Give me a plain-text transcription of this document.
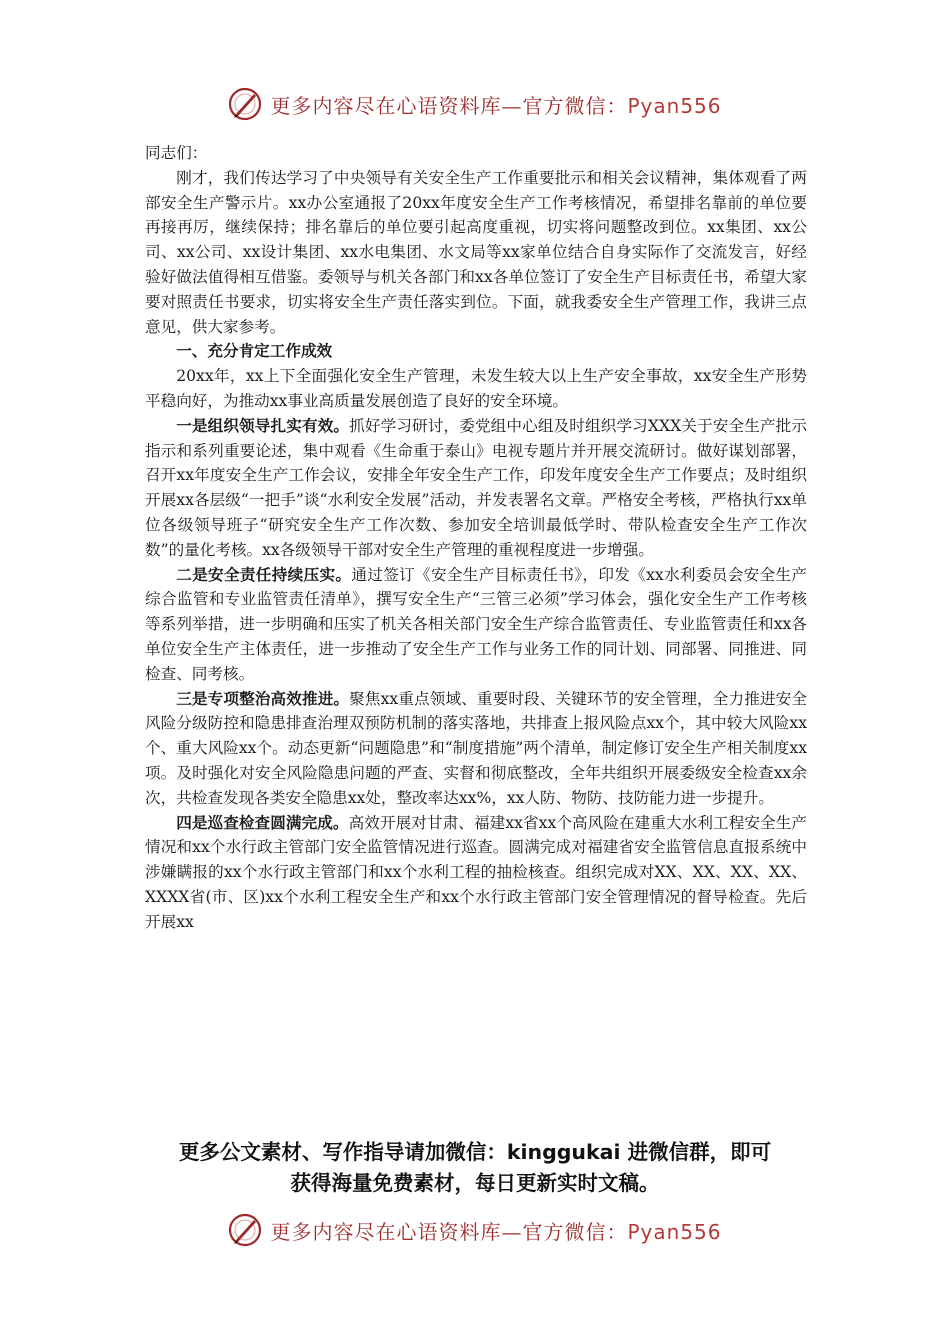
更多内容尽在心语资料库—官方微信：Pyan556

同志们：

刚才，我们传达学习了中央领导有关安全生产工作重要批示和相关会议精神，集体观看了两部安全生产警示片。xx办公室通报了20xx年度安全生产工作考核情况，希望排名靠前的单位要再接再厉，继续保持；排名靠后的单位要引起高度重视，切实将问题整改到位。xx集团、xx公司、xx公司、xx设计集团、xx水电集团、水文局等xx家单位结合自身实际作了交流发言，好经验好做法值得相互借鉴。委领导与机关各部门和xx各单位签订了安全生产目标责任书，希望大家要对照责任书要求，切实将安全生产责任落实到位。下面，就我委安全生产管理工作，我讲三点意见，供大家参考。

一、充分肯定工作成效

20xx年，xx上下全面强化安全生产管理，未发生较大以上生产安全事故，xx安全生产形势平稳向好，为推动xx事业高质量发展创造了良好的安全环境。

一是组织领导扎实有效。抓好学习研讨，委党组中心组及时组织学习XXX关于安全生产批示指示和系列重要论述，集中观看《生命重于泰山》电视专题片并开展交流研讨。做好谋划部署，召开xx年度安全生产工作会议，安排全年安全生产工作，印发年度安全生产工作要点；及时组织开展xx各层级“一把手”谈“水利安全发展”活动，并发表署名文章。严格安全考核，严格执行xx单位各级领导班子“研究安全生产工作次数、参加安全培训最低学时、带队检查安全生产工作次数”的量化考核。xx各级领导干部对安全生产管理的重视程度进一步增强。

二是安全责任持续压实。通过签订《安全生产目标责任书》，印发《xx水利委员会安全生产综合监管和专业监管责任清单》，撰写安全生产“三管三必须”学习体会，强化安全生产工作考核等系列举措，进一步明确和压实了机关各相关部门安全生产综合监管责任、专业监管责任和xx各单位安全生产主体责任，进一步推动了安全生产工作与业务工作的同计划、同部署、同推进、同检查、同考核。

三是专项整治高效推进。聚焦xx重点领域、重要时段、关键环节的安全管理，全力推进安全风险分级防控和隐患排查治理双预防机制的落实落地，共排查上报风险点xx个，其中较大风险xx个、重大风险xx个。动态更新“问题隐患”和“制度措施”两个清单，制定修订安全生产相关制度xx项。及时强化对安全风险隐患问题的严查、实督和彻底整改，全年共组织开展委级安全检查xx余次，共检查发现各类安全隐患xx处，整改率达xx%，xx人防、物防、技防能力进一步提升。

四是巡查检查圆满完成。高效开展对甘肃、福建xx省xx个高风险在建重大水利工程安全生产情况和xx个水行政主管部门安全监管情况进行巡查。圆满完成对福建省安全监管信息直报系统中涉嫌瞒报的xx个水行政主管部门和xx个水利工程的抽检核查。组织完成对XX、XX、XX、XX、XXXX省(市、区)xx个水利工程安全生产和xx个水行政主管部门安全管理情况的督导检查。先后开展xx

更多公文素材、写作指导请加微信：kinggukai 进微信群，即可
获得海量免费素材，每日更新实时文稿。
更多内容尽在心语资料库—官方微信：Pyan556
